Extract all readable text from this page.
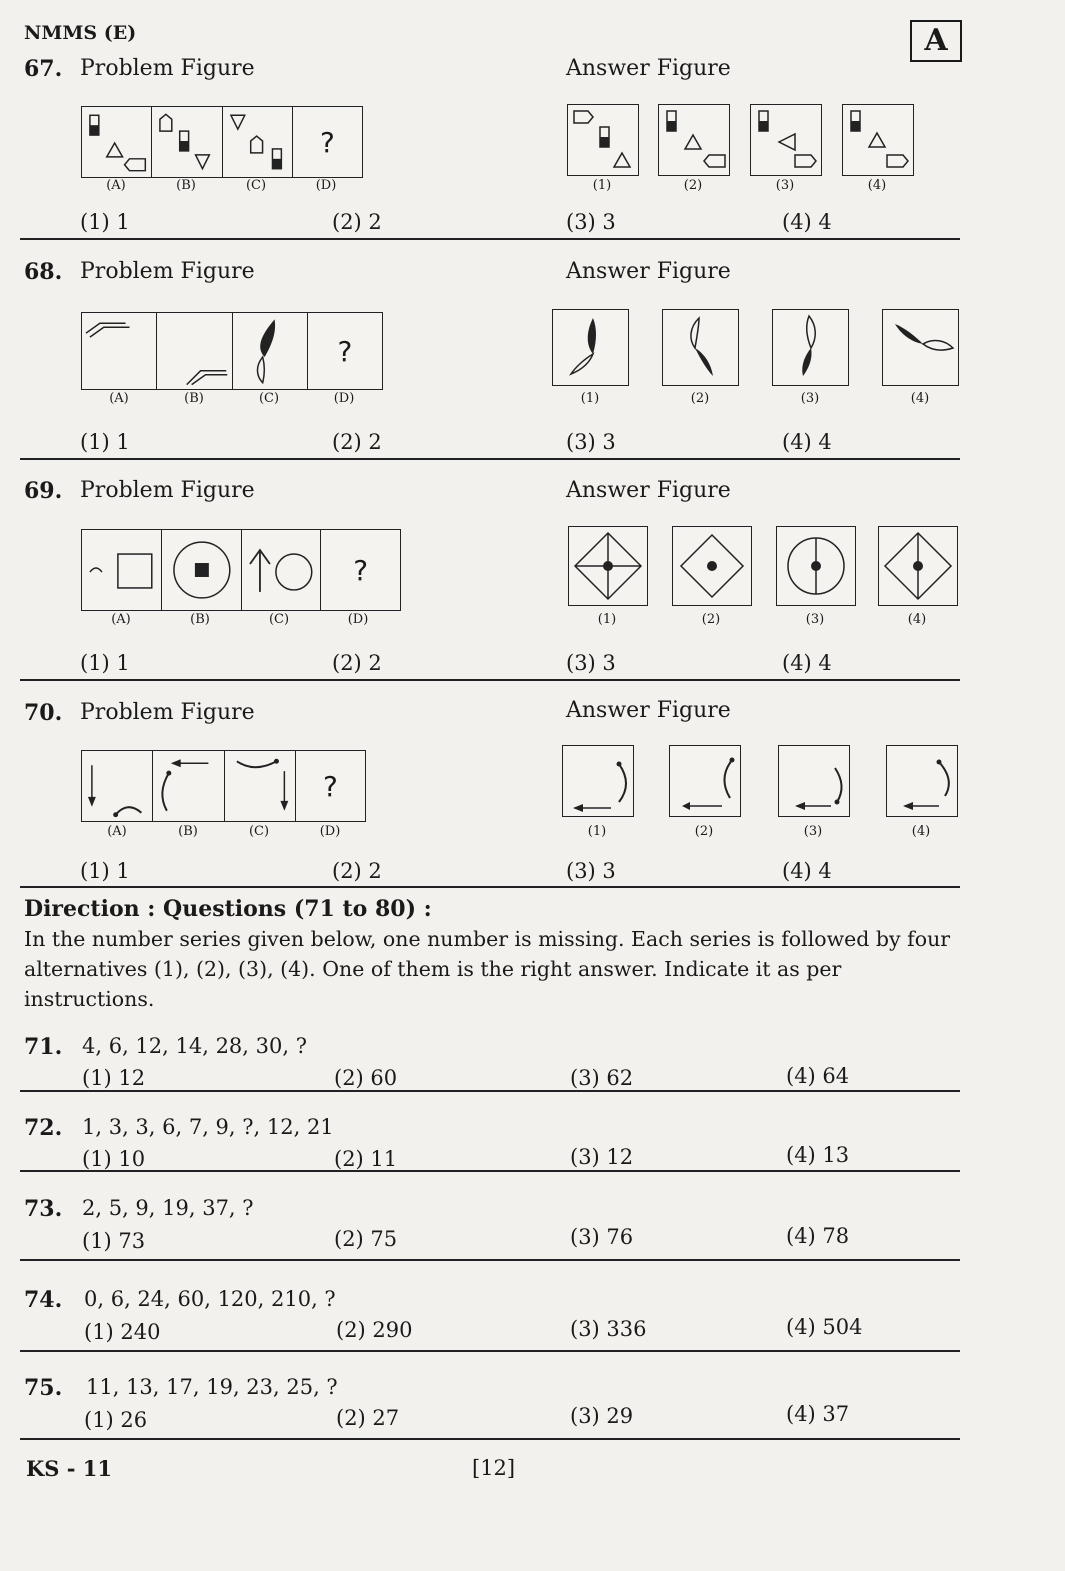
NMMS (E)	A
67. Problem Figure	Answer Figure
?
(A)	(B)	(C)	(D)	(1)	(2)	(3)	(4)
(1) 1	(2) 2	(3) 3	(4) 4
68. Problem Figure	Answer Figure
?
(A)	(B)	(C)	(D)	(1)	(2)	(3)	(4)
(1) 1	(2) 2	(3) 3	(4) 4
69. Problem Figure	Answer Figure
?
(A)	(B)	(C)	(D)	(1)	(2)	(3)	(4)
(1) 1	(2) 2	(3) 3	(4) 4
70. Problem Figure	Answer Figure
?
(A)	(B)	(C)	(D)	(1)	(2)	(3)	(4)
(1) 1	(2) 2	(3) 3	(4) 4
Direction : Questions (71 to 80) :
In the number series given below, one number is missing. Each series is followed by four alternatives (1), (2), (3), (4). One of them is the right answer. Indicate it as per instructions.
71. 4, 6, 12, 14, 28, 30, ?
(1) 12	(2) 60	(3) 62	(4) 64
72. 1, 3, 3, 6, 7, 9, ?, 12, 21
(1) 10	(2) 11	(3) 12	(4) 13
73. 2, 5, 9, 19, 37, ?
(1) 73	(2) 75	(3) 76	(4) 78
74. 0, 6, 24, 60, 120, 210, ?
(1) 240	(2) 290	(3) 336	(4) 504
75. 11, 13, 17, 19, 23, 25, ?
(1) 26	(2) 27	(3) 29	(4) 37
KS - 11	[12]
